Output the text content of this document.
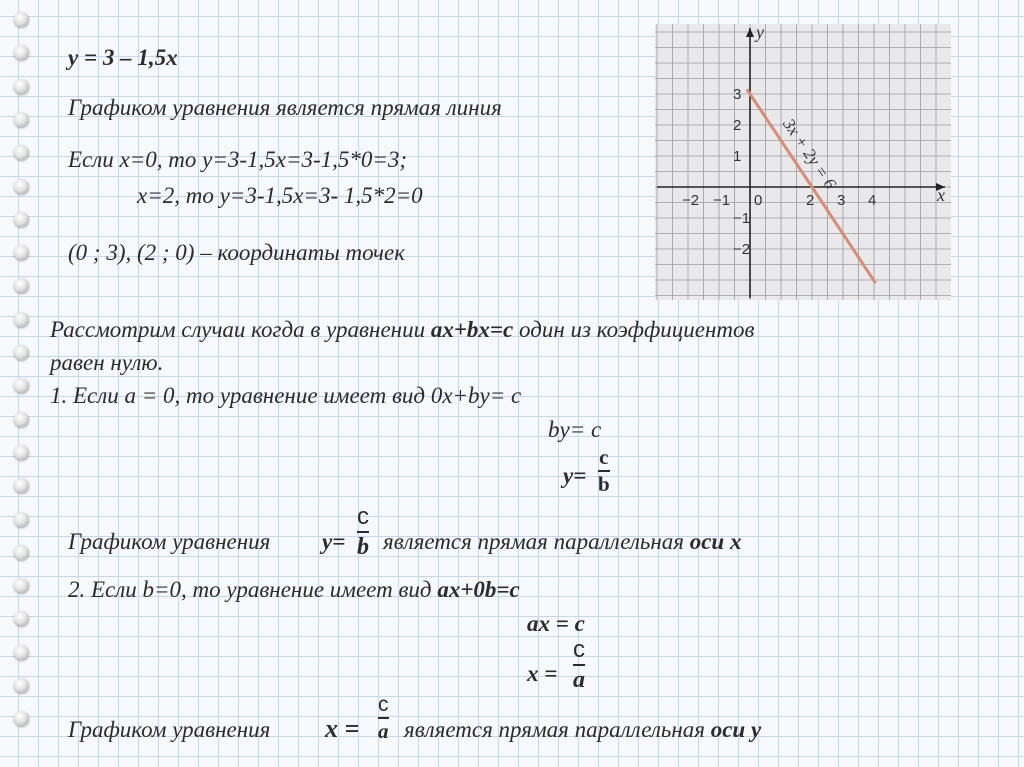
y = 3 – 1,5x
Графиком уравнения является прямая линия
Если x=0, то y=3-1,5x=3-1,5*0=3;
x=2, то y=3-1,5x=3- 1,5*2=0
(0 ; 3), (2 ; 0) – координаты точек
−2 −1 0	2 3 4
3
2
1
−1
−2
3x + 2y = 6
x
y
Рассмотрим случаи когда в уравнении ax+bx=c один из коэффициентов
равен нулю.
1. Если a = 0, то уравнение имеет вид 0x+by= c
by= c
y=
c
b
Графиком уравнения y=
c
b является прямая параллельная оси x
2. Если b=0, то уравнение имеет вид ax+0b=c
ax = c
x =
c
a
Графиком уравнения x =
c
a является прямая параллельная оси y
